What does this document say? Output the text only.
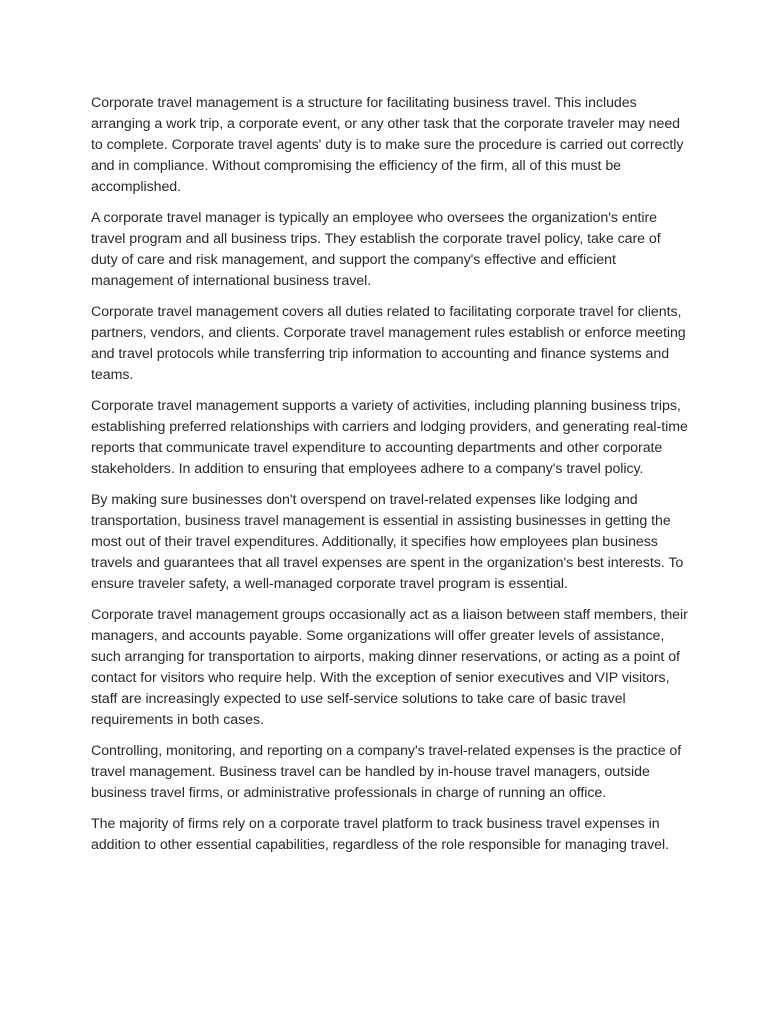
Corporate travel management is a structure for facilitating business travel. This includes arranging a work trip, a corporate event, or any other task that the corporate traveler may need to complete. Corporate travel agents' duty is to make sure the procedure is carried out correctly and in compliance. Without compromising the efficiency of the firm, all of this must be accomplished.

A corporate travel manager is typically an employee who oversees the organization's entire travel program and all business trips. They establish the corporate travel policy, take care of duty of care and risk management, and support the company's effective and efficient management of international business travel.

Corporate travel management covers all duties related to facilitating corporate travel for clients, partners, vendors, and clients. Corporate travel management rules establish or enforce meeting and travel protocols while transferring trip information to accounting and finance systems and teams.

Corporate travel management supports a variety of activities, including planning business trips, establishing preferred relationships with carriers and lodging providers, and generating real-time reports that communicate travel expenditure to accounting departments and other corporate stakeholders. In addition to ensuring that employees adhere to a company's travel policy.

By making sure businesses don't overspend on travel-related expenses like lodging and transportation, business travel management is essential in assisting businesses in getting the most out of their travel expenditures. Additionally, it specifies how employees plan business travels and guarantees that all travel expenses are spent in the organization's best interests. To ensure traveler safety, a well-managed corporate travel program is essential.

Corporate travel management groups occasionally act as a liaison between staff members, their managers, and accounts payable. Some organizations will offer greater levels of assistance, such arranging for transportation to airports, making dinner reservations, or acting as a point of contact for visitors who require help. With the exception of senior executives and VIP visitors, staff are increasingly expected to use self-service solutions to take care of basic travel requirements in both cases.

Controlling, monitoring, and reporting on a company's travel-related expenses is the practice of travel management. Business travel can be handled by in-house travel managers, outside business travel firms, or administrative professionals in charge of running an office.

The majority of firms rely on a corporate travel platform to track business travel expenses in addition to other essential capabilities, regardless of the role responsible for managing travel.
